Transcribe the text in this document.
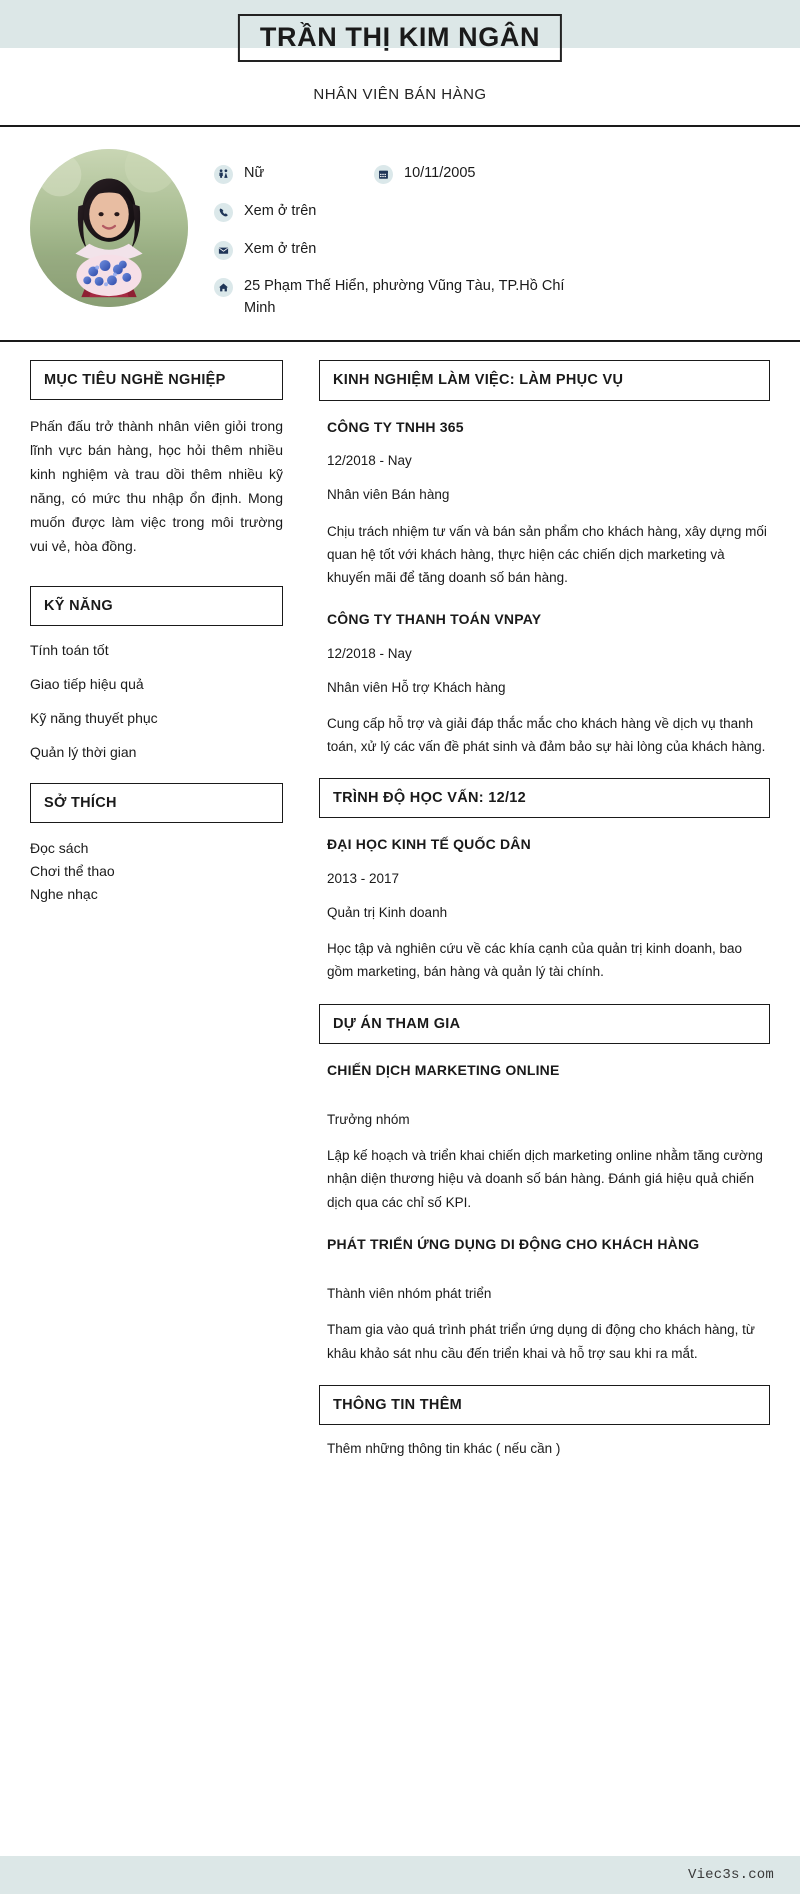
TRẦN THỊ KIM NGÂN
NHÂN VIÊN BÁN HÀNG
Nữ	10/11/2005
Xem ở trên
Xem ở trên
25 Phạm Thế Hiển, phường Vũng Tàu, TP.Hồ Chí Minh
MỤC TIÊU NGHỀ NGHIỆP
Phấn đấu trở thành nhân viên giỏi trong lĩnh vực bán hàng, học hỏi thêm nhiều kinh nghiệm và trau dồi thêm nhiều kỹ năng, có mức thu nhập ổn định. Mong muốn được làm việc trong môi trường vui vẻ, hòa đồng.
KỸ NĂNG
Tính toán tốt
Giao tiếp hiệu quả
Kỹ năng thuyết phục
Quản lý thời gian
SỞ THÍCH
Đọc sách
Chơi thể thao
Nghe nhạc
KINH NGHIỆM LÀM VIỆC: LÀM PHỤC VỤ
CÔNG TY TNHH 365
12/2018 - Nay
Nhân viên Bán hàng
Chịu trách nhiệm tư vấn và bán sản phẩm cho khách hàng, xây dựng mối quan hệ tốt với khách hàng, thực hiện các chiến dịch marketing và khuyến mãi để tăng doanh số bán hàng.
CÔNG TY THANH TOÁN VNPAY
12/2018 - Nay
Nhân viên Hỗ trợ Khách hàng
Cung cấp hỗ trợ và giải đáp thắc mắc cho khách hàng về dịch vụ thanh toán, xử lý các vấn đề phát sinh và đảm bảo sự hài lòng của khách hàng.
TRÌNH ĐỘ HỌC VẤN: 12/12
ĐẠI HỌC KINH TẾ QUỐC DÂN
2013 - 2017
Quản trị Kinh doanh
Học tập và nghiên cứu về các khía cạnh của quản trị kinh doanh, bao gồm marketing, bán hàng và quản lý tài chính.
DỰ ÁN THAM GIA
CHIẾN DỊCH MARKETING ONLINE
Trưởng nhóm
Lập kế hoạch và triển khai chiến dịch marketing online nhằm tăng cường nhận diện thương hiệu và doanh số bán hàng. Đánh giá hiệu quả chiến dịch qua các chỉ số KPI.
PHÁT TRIỂN ỨNG DỤNG DI ĐỘNG CHO KHÁCH HÀNG
Thành viên nhóm phát triển
Tham gia vào quá trình phát triển ứng dụng di động cho khách hàng, từ khâu khảo sát nhu cầu đến triển khai và hỗ trợ sau khi ra mắt.
THÔNG TIN THÊM
Thêm những thông tin khác ( nếu cần )
Viec3s.com
